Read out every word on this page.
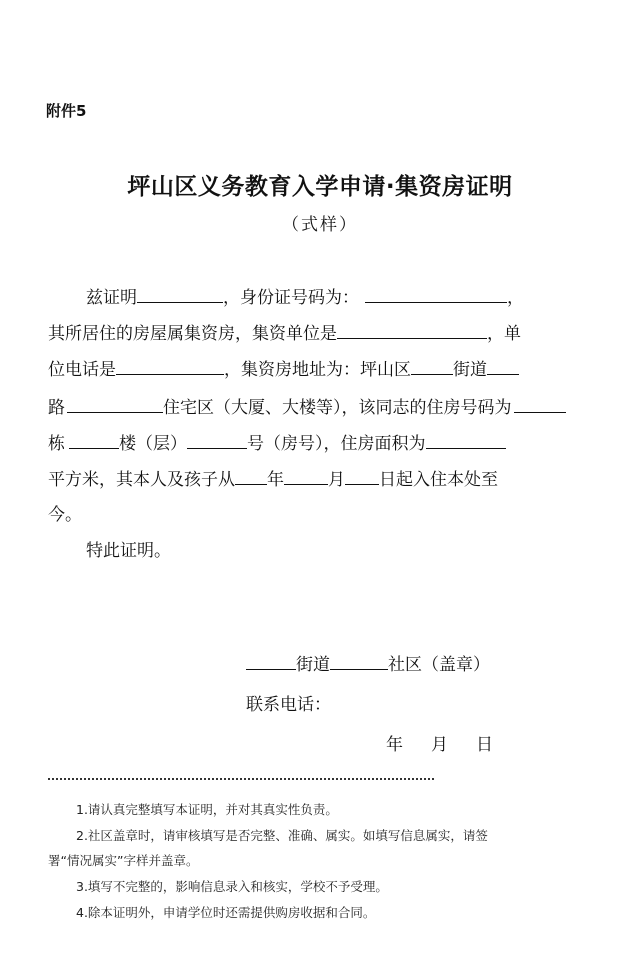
附件5
坪山区义务教育入学申请·集资房证明
（式样）
兹证明	，身份证号码为：	，
其所居住的房屋属集资房，集资单位是	，单
位电话是	，集资房地址为：坪山区 街道
路	住宅区（大厦、大楼等），该同志的住房号码为
栋	楼（层）	号（房号），住房面积为
平方米，其本人及孩子从 年	月 日起入住本处至
今。
特此证明。
街道	社区（盖章）
联系电话：
年 月 日
1.请认真完整填写本证明，并对其真实性负责。
2.社区盖章时，请审核填写是否完整、准确、属实。如填写信息属实，请签
署“情况属实”字样并盖章。
3.填写不完整的，影响信息录入和核实，学校不予受理。
4.除本证明外，申请学位时还需提供购房收据和合同。
